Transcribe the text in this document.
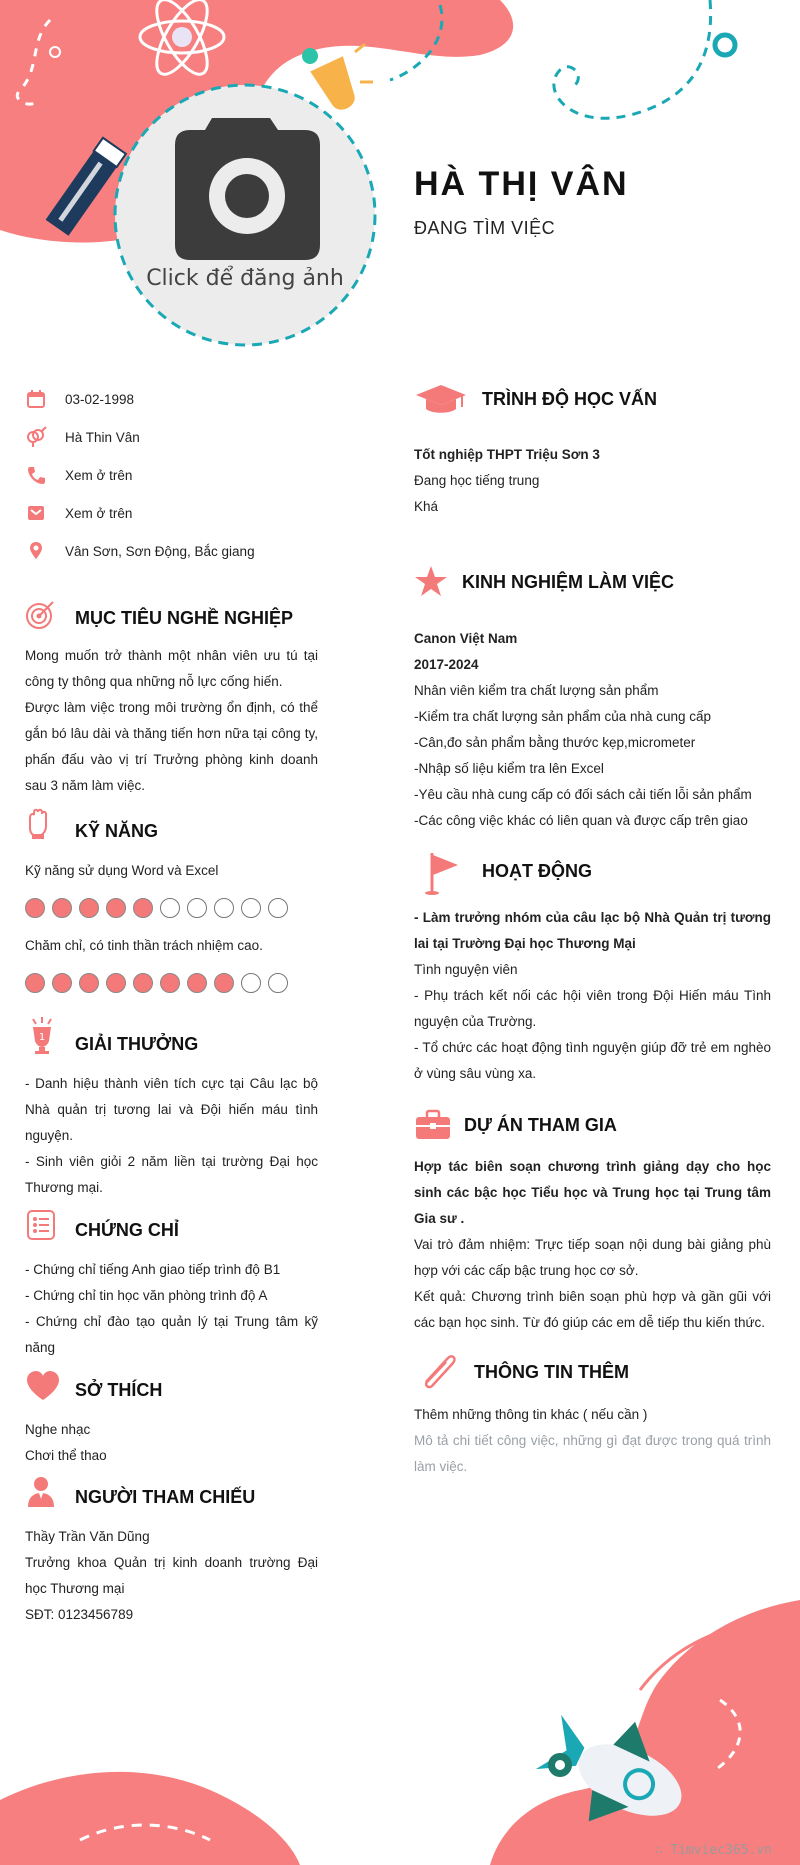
HÀ THỊ VÂN
ĐANG TÌM VIỆC
Click để đăng ảnh
03-02-1998
Hà Thin Vân
Xem ở trên
Xem ở trên
Vân Sơn, Sơn Động, Bắc giang
MỤC TIÊU NGHỀ NGHIỆP

Mong muốn trở thành một nhân viên ưu tú tại công ty thông qua những nỗ lực cống hiến.

Được làm việc trong môi trường ổn định, có thể gắn bó lâu dài và thăng tiến hơn nữa tại công ty, phấn đấu vào vị trí Trưởng phòng kinh doanh sau 3 năm làm việc.

KỸ NĂNG
Kỹ năng sử dụng Word và Excel
Chăm chỉ, có tinh thần trách nhiệm cao.
1 GIẢI THƯỞNG

- Danh hiệu thành viên tích cực tại Câu lạc bộ Nhà quản trị tương lai và Đội hiến máu tình nguyện.

- Sinh viên giỏi 2 năm liền tại trường Đại học Thương mại.

CHỨNG CHỈ

- Chứng chỉ tiếng Anh giao tiếp trình độ B1

- Chứng chỉ tin học văn phòng trình độ A

- Chứng chỉ đào tạo quản lý tại Trung tâm kỹ năng

SỞ THÍCH

Nghe nhạc

Chơi thể thao

NGƯỜI THAM CHIẾU

Thầy Trần Văn Dũng

Trưởng khoa Quản trị kinh doanh trường Đại học Thương mại

SĐT: 0123456789

TRÌNH ĐỘ HỌC VẤN

Tốt nghiệp THPT Triệu Sơn 3

Đang học tiếng trung

Khá

KINH NGHIỆM LÀM VIỆC

Canon Việt Nam

2017-2024

Nhân viên kiểm tra chất lượng sản phẩm

-Kiểm tra chất lượng sản phẩm của nhà cung cấp

-Cân,đo sản phẩm bằng thước kẹp,micrometer

-Nhập số liệu kiểm tra lên Excel

-Yêu cầu nhà cung cấp có đối sách cải tiến lỗi sản phẩm

-Các công việc khác có liên quan và được cấp trên giao

HOẠT ĐỘNG

- Làm trưởng nhóm của câu lạc bộ Nhà Quản trị tương lai tại Trường Đại học Thương Mại

Tình nguyện viên

- Phụ trách kết nối các hội viên trong Đội Hiến máu Tình nguyện của Trường.

- Tổ chức các hoạt động tình nguyện giúp đỡ trẻ em nghèo ở vùng sâu vùng xa.

DỰ ÁN THAM GIA

Hợp tác biên soạn chương trình giảng dạy cho học sinh các bậc học Tiểu học và Trung học tại Trung tâm Gia sư .

Vai trò đảm nhiệm: Trực tiếp soạn nội dung bài giảng phù hợp với các cấp bậc trung học cơ sở.

Kết quả: Chương trình biên soạn phù hợp và gần gũi với các bạn học sinh. Từ đó giúp các em dễ tiếp thu kiến thức.

THÔNG TIN THÊM

Thêm những thông tin khác ( nếu cần )

Mô tả chi tiết công việc, những gì đạt được trong quá trình làm việc.

∴ Timviec365.vn
